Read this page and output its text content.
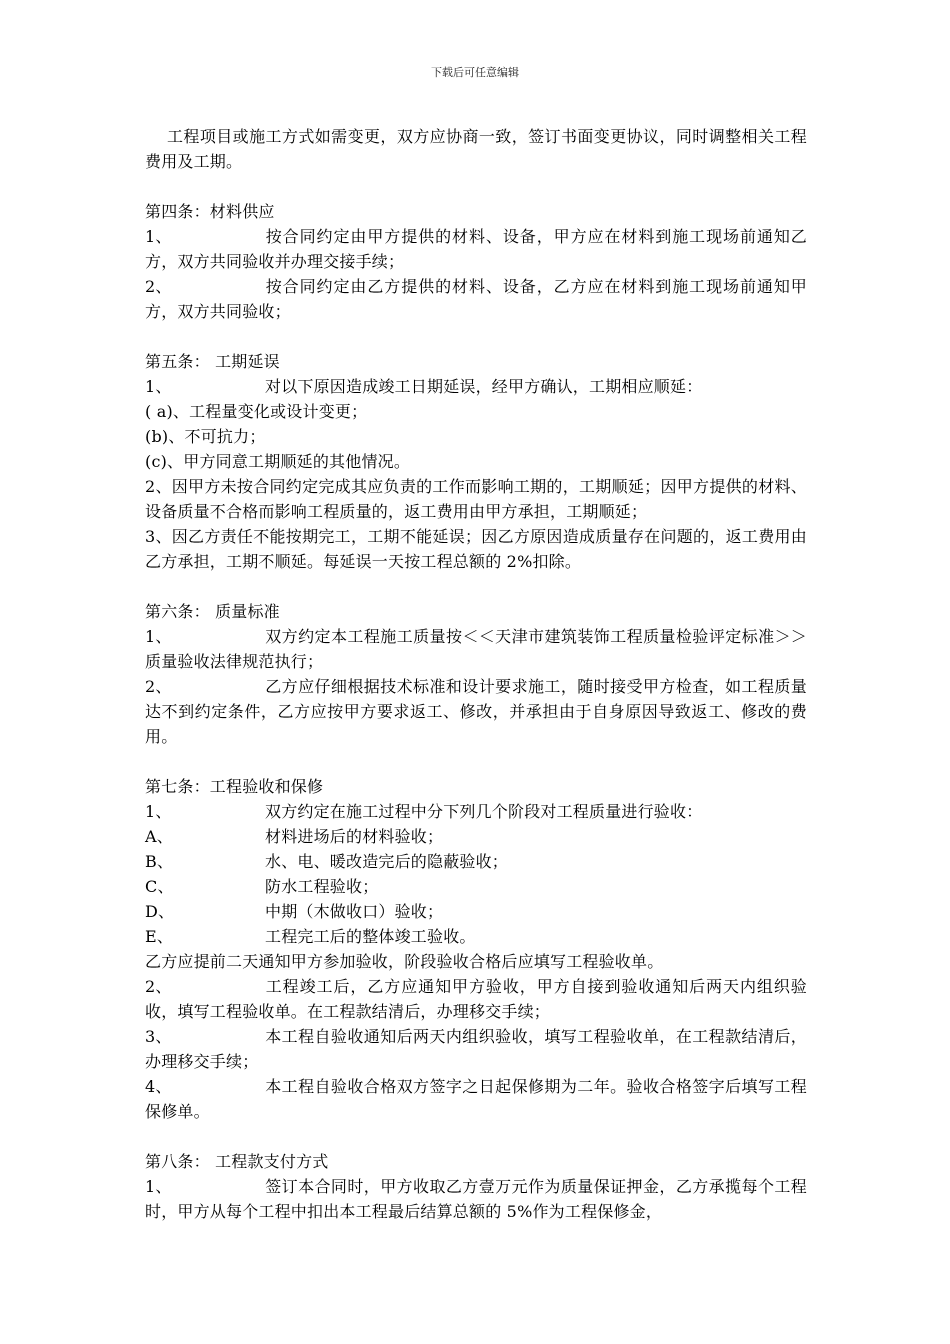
下载后可任意编辑

工程项目或施工方式如需变更，双方应协商一致，签订书面变更协议，同时调整相关工程费用及工期。

第四条：材料供应

1、	按合同约定由甲方提供的材料、设备，甲方应在材料到施工现场前通知乙方，双方共同验收并办理交接手续；

2、	按合同约定由乙方提供的材料、设备，乙方应在材料到施工现场前通知甲方，双方共同验收；

第五条： 工期延误

1、	对以下原因造成竣工日期延误，经甲方确认，工期相应顺延：

( a)、工程量变化或设计变更；

(b)、不可抗力；

(c)、甲方同意工期顺延的其他情况。

2、因甲方未按合同约定完成其应负责的工作而影响工期的，工期顺延；因甲方提供的材料、设备质量不合格而影响工程质量的，返工费用由甲方承担，工期顺延；

3、因乙方责任不能按期完工，工期不能延误；因乙方原因造成质量存在问题的，返工费用由乙方承担，工期不顺延。每延误一天按工程总额的 2%扣除。

第六条： 质量标准

1、	双方约定本工程施工质量按＜＜天津市建筑装饰工程质量检验评定标准＞＞质量验收法律规范执行；

2、	乙方应仔细根据技术标准和设计要求施工，随时接受甲方检查，如工程质量达不到约定条件，乙方应按甲方要求返工、修改，并承担由于自身原因导致返工、修改的费用。

第七条：工程验收和保修

1、	双方约定在施工过程中分下列几个阶段对工程质量进行验收：

A、	材料进场后的材料验收；

B、	水、电、暖改造完后的隐蔽验收；

C、	防水工程验收；

D、	中期（木做收口）验收；

E、	工程完工后的整体竣工验收。

乙方应提前二天通知甲方参加验收，阶段验收合格后应填写工程验收单。

2、	工程竣工后，乙方应通知甲方验收，甲方自接到验收通知后两天内组织验收，填写工程验收单。在工程款结清后，办理移交手续；

3、	本工程自验收通知后两天内组织验收，填写工程验收单，在工程款结清后，办理移交手续；

4、	本工程自验收合格双方签字之日起保修期为二年。验收合格签字后填写工程保修单。

第八条： 工程款支付方式

1、	签订本合同时，甲方收取乙方壹万元作为质量保证押金，乙方承揽每个工程时，甲方从每个工程中扣出本工程最后结算总额的 5%作为工程保修金，
